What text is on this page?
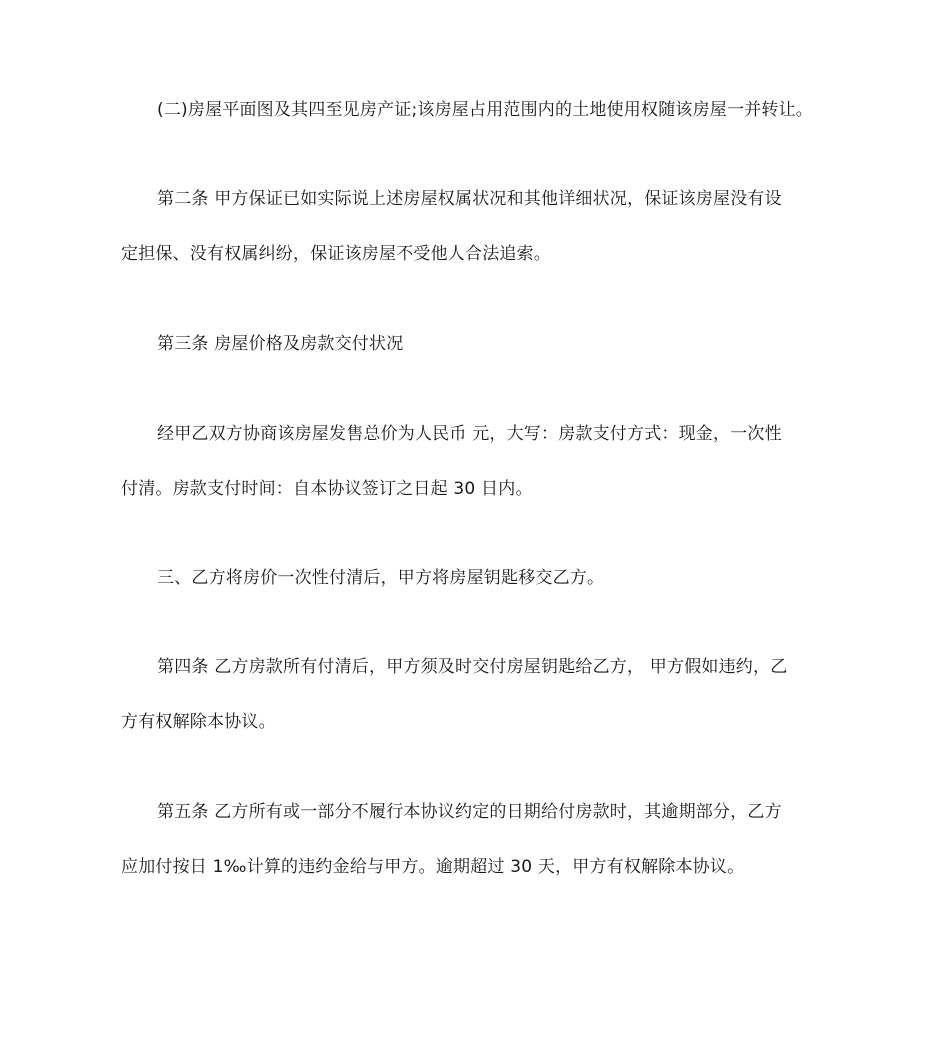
(二)房屋平面图及其四至见房产证;该房屋占用范围内的土地使用权随该房屋一并转让。
第二条 甲方保证已如实际说上述房屋权属状况和其他详细状况，保证该房屋没有设
定担保、没有权属纠纷，保证该房屋不受他人合法追索。
第三条 房屋价格及房款交付状况
经甲乙双方协商该房屋发售总价为人民币 元，大写：房款支付方式：现金，一次性
付清。房款支付时间：自本协议签订之日起 30 日内。
三、乙方将房价一次性付清后，甲方将房屋钥匙移交乙方。
第四条 乙方房款所有付清后，甲方须及时交付房屋钥匙给乙方， 甲方假如违约，乙
方有权解除本协议。
第五条 乙方所有或一部分不履行本协议约定的日期给付房款时，其逾期部分，乙方
应加付按日 1‰计算的违约金给与甲方。逾期超过 30 天，甲方有权解除本协议。
